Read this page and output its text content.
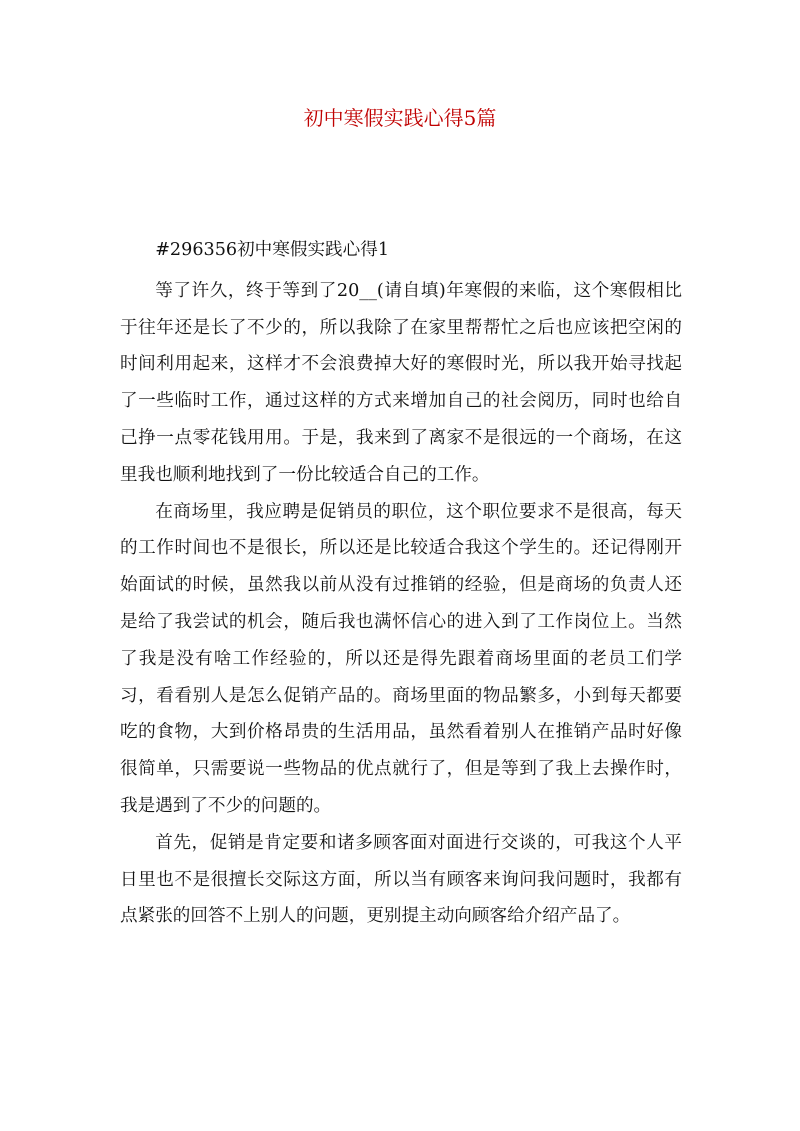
初中寒假实践心得5篇
#296356初中寒假实践心得1

等了许久，终于等到了20__(请自填)年寒假的来临，这个寒假相比于往年还是长了不少的，所以我除了在家里帮帮忙之后也应该把空闲的时间利用起来，这样才不会浪费掉大好的寒假时光，所以我开始寻找起了一些临时工作，通过这样的方式来增加自己的社会阅历，同时也给自己挣一点零花钱用用。于是，我来到了离家不是很远的一个商场，在这里我也顺利地找到了一份比较适合自己的工作。

在商场里，我应聘是促销员的职位，这个职位要求不是很高，每天的工作时间也不是很长，所以还是比较适合我这个学生的。还记得刚开始面试的时候，虽然我以前从没有过推销的经验，但是商场的负责人还是给了我尝试的机会，随后我也满怀信心的进入到了工作岗位上。当然了我是没有啥工作经验的，所以还是得先跟着商场里面的老员工们学习，看看别人是怎么促销产品的。商场里面的物品繁多，小到每天都要吃的食物，大到价格昂贵的生活用品，虽然看着别人在推销产品时好像很简单，只需要说一些物品的优点就行了，但是等到了我上去操作时，我是遇到了不少的问题的。

首先，促销是肯定要和诸多顾客面对面进行交谈的，可我这个人平日里也不是很擅长交际这方面，所以当有顾客来询问我问题时，我都有点紧张的回答不上别人的问题，更别提主动向顾客给介绍产品了。
